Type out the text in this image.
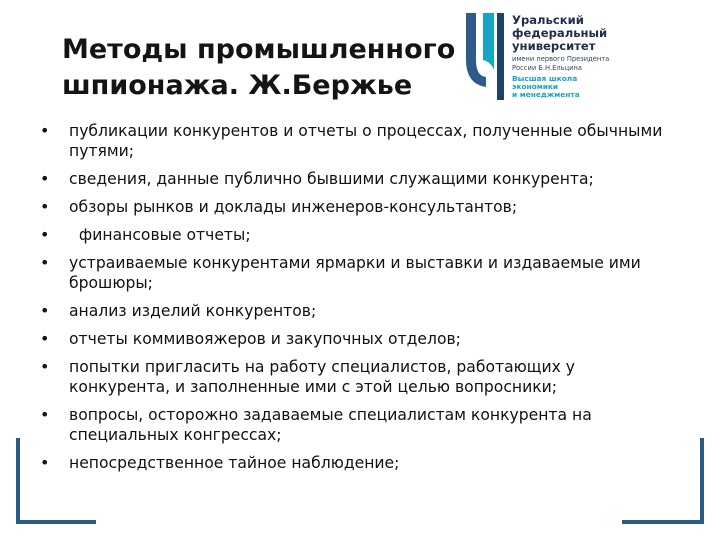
Методы промышленного
шпионажа. Ж.Бержье
Уральский
федеральный
университет
имени первого Президента
России Б.Н.Ельцина
Высшая школа
экономики
и менеджмента
• публикации конкурентов и отчеты о процессах, полученные обычными путями;
• сведения, данные публично бывшими служащими конкурента;
• обзоры рынков и доклады инженеров-консультантов;
•   финансовые отчеты;
• устраиваемые конкурентами ярмарки и выставки и издаваемые ими брошюры;
• анализ изделий конкурентов;
• отчеты коммивояжеров и закупочных отделов;
• попытки пригласить на работу специалистов, работающих у конкурента, и заполненные ими с этой целью вопросники;
• вопросы, осторожно задаваемые специалистам конкурента на специальных конгрессах;
• непосредственное тайное наблюдение;
